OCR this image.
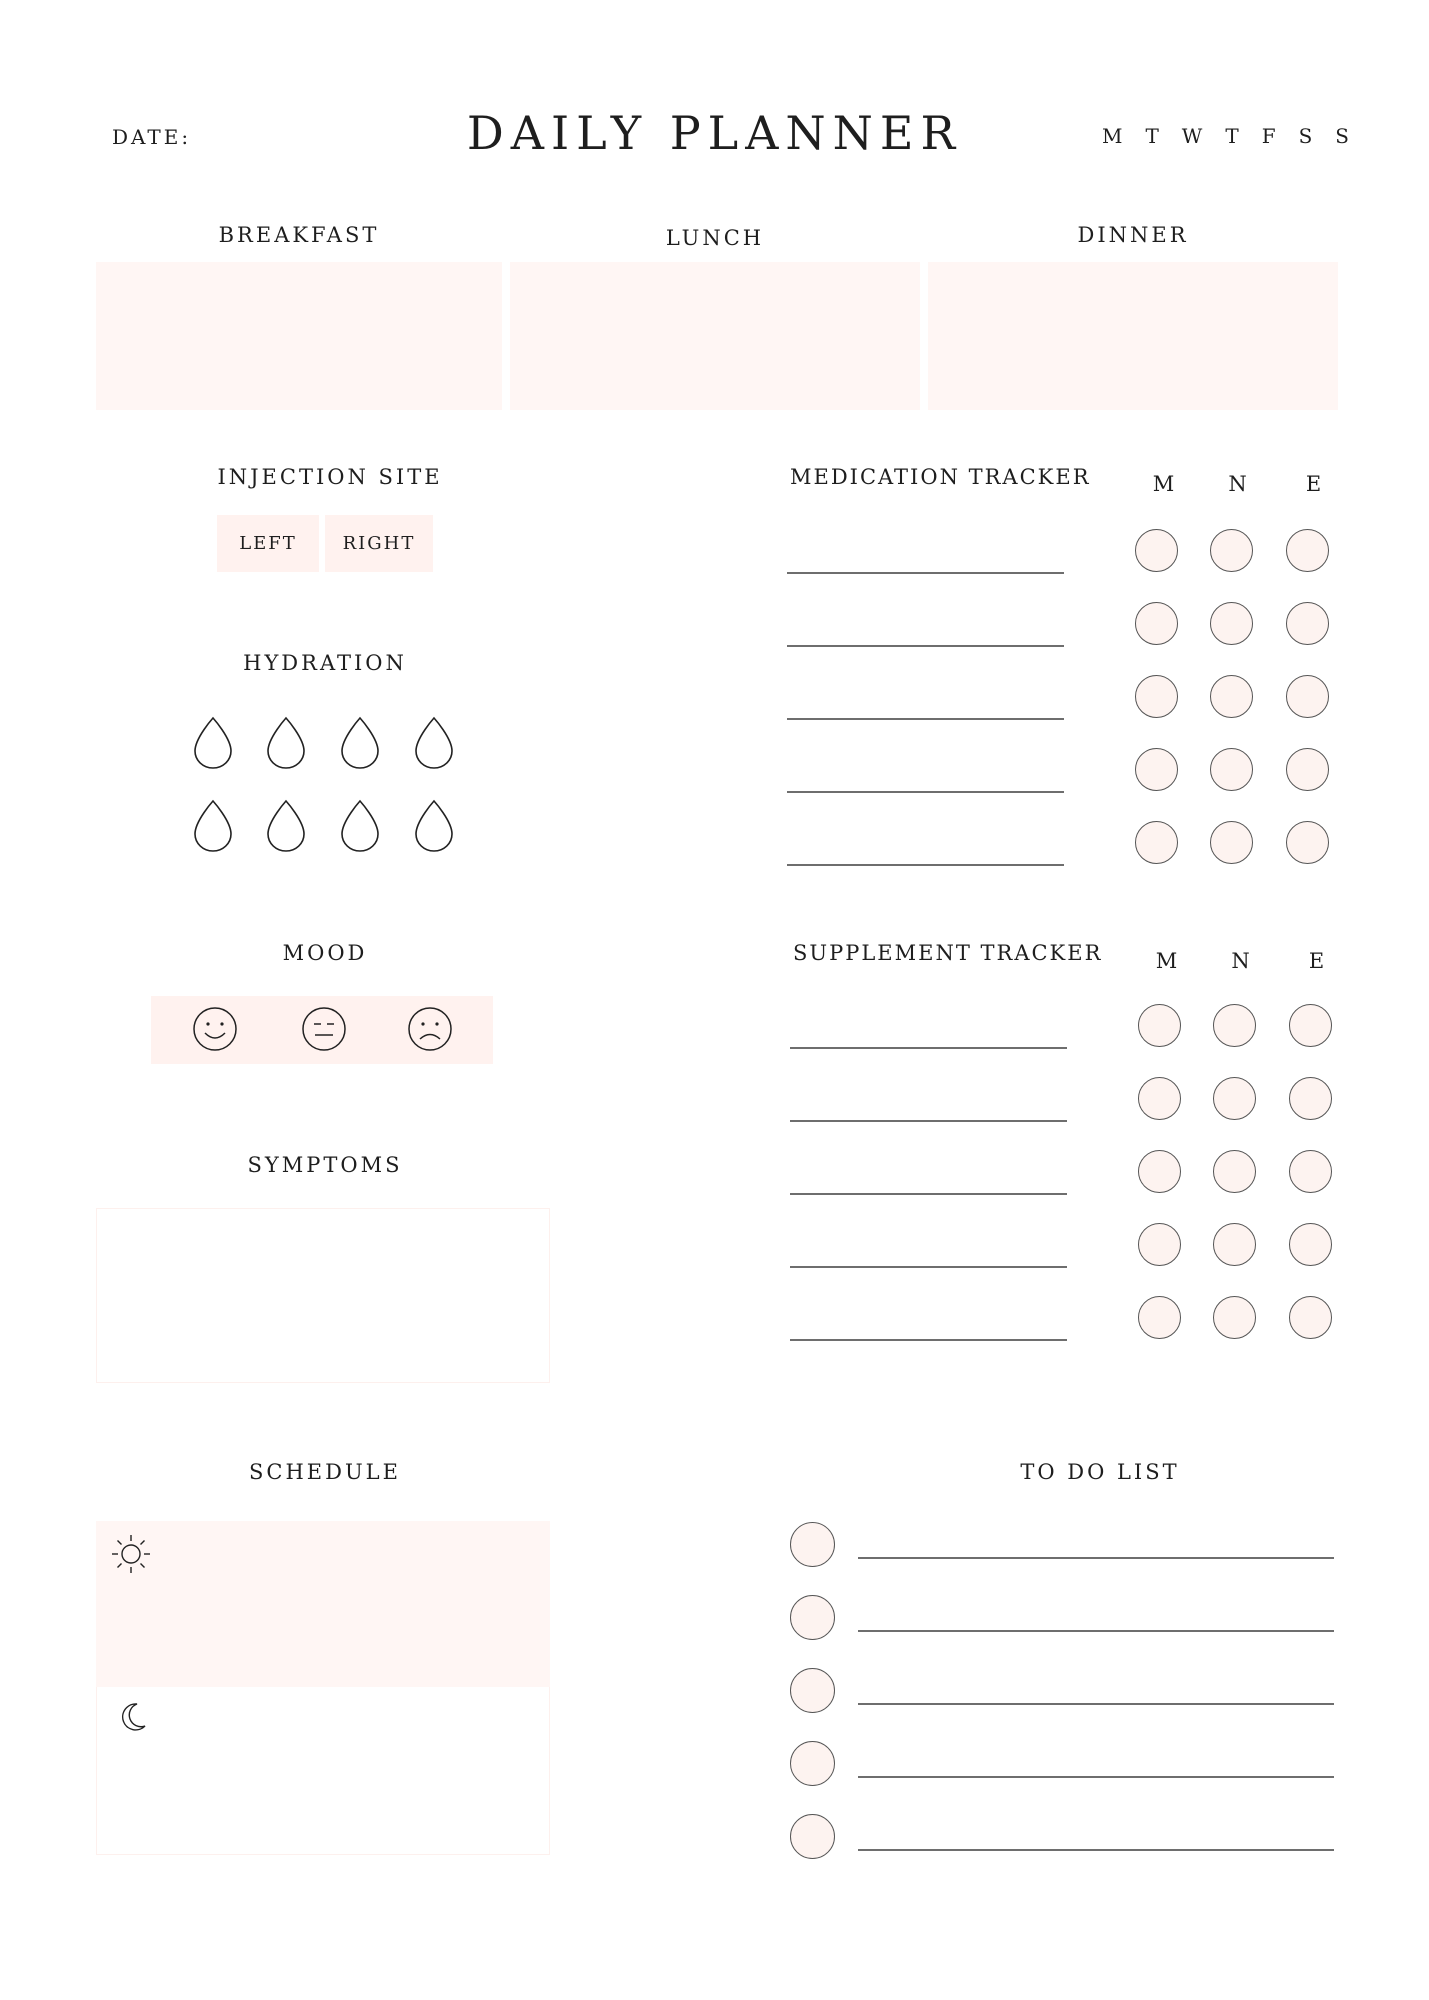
DATE:	DAILY PLANNER	M T W T F S S
BREAKFAST	LUNCH	DINNER
INJECTION SITE
LEFT	RIGHT
HYDRATION
MOOD
SYMPTOMS
SCHEDULE
MEDICATION TRACKER	M	N	E
SUPPLEMENT TRACKER	M	N	E
TO DO LIST
